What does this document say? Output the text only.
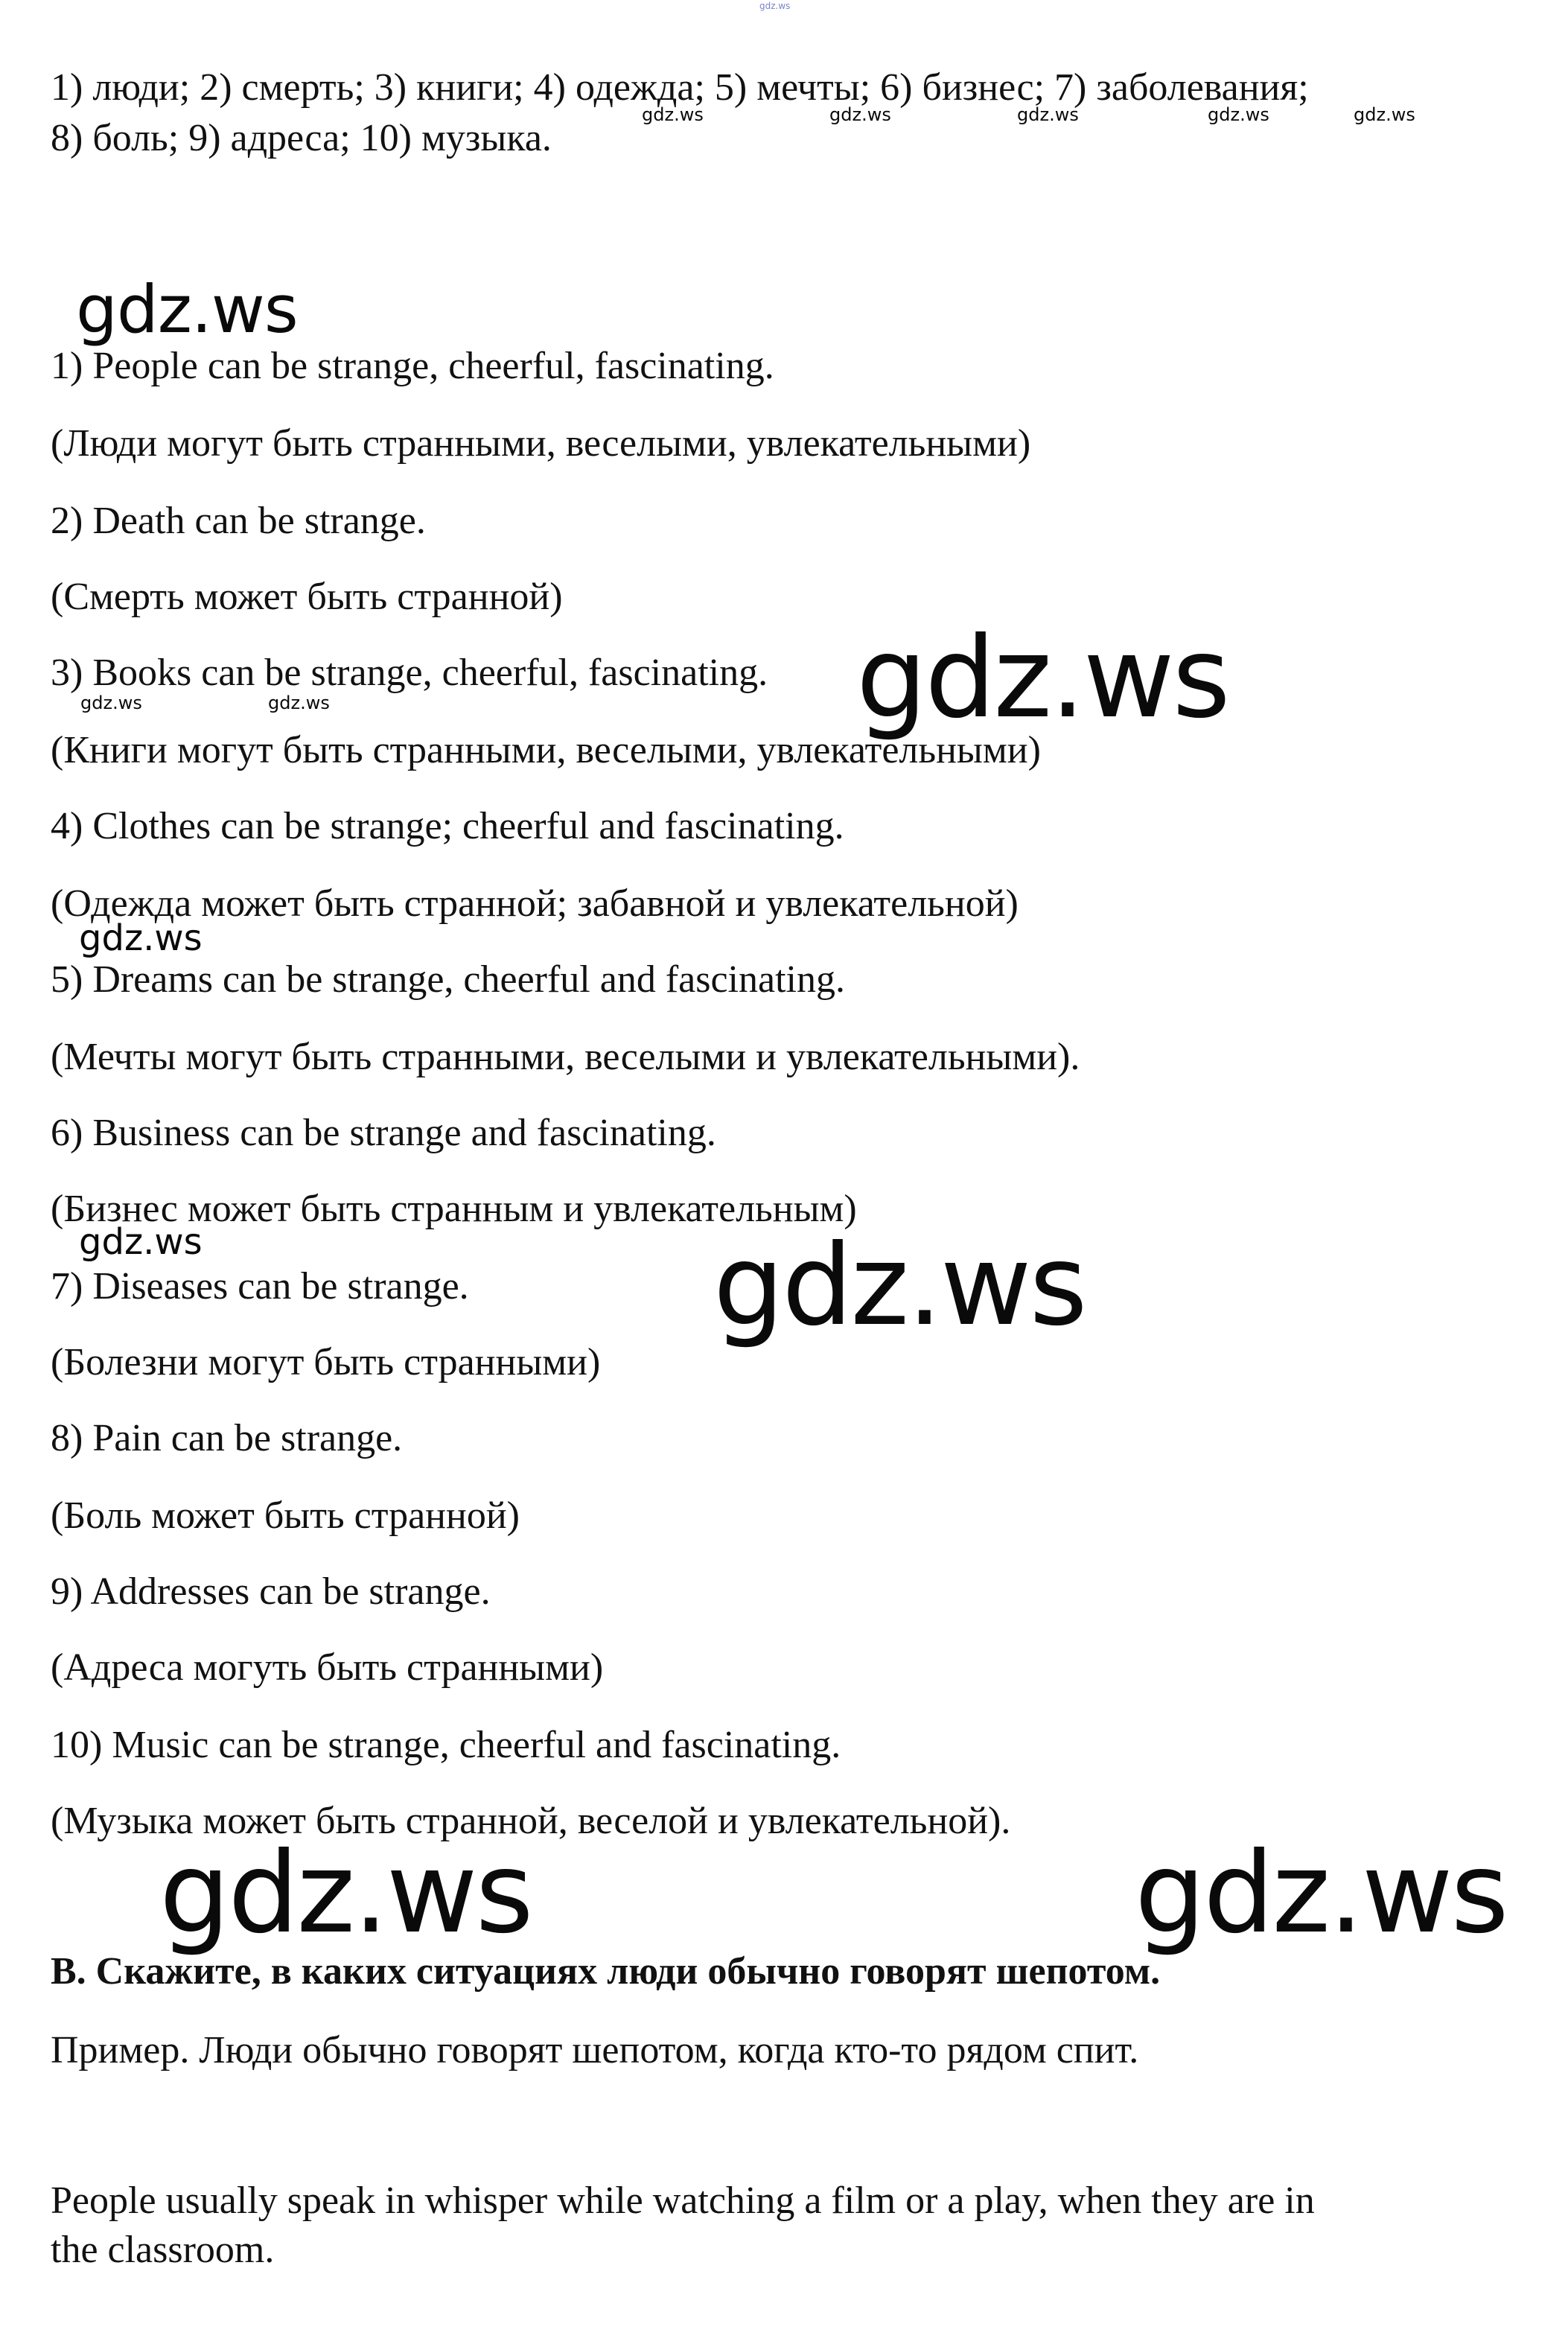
1) люди; 2) смерть; 3) книги; 4) одежда; 5) мечты; 6) бизнес; 7) заболевания;

8) боль; 9) адреса; 10) музыка.

1) People can be strange, cheerful, fascinating.

(Люди могут быть странными, веселыми, увлекательными)

2) Death can be strange.

(Смерть может быть странной)

3) Books can be strange, cheerful, fascinating.

(Книги могут быть странными, веселыми, увлекательными)

4) Clothes can be strange; cheerful and fascinating.

(Одежда может быть странной; забавной и увлекательной)

5) Dreams can be strange, cheerful and fascinating.

(Мечты могут быть странными, веселыми и увлекательными).

6) Business can be strange and fascinating.

(Бизнес может быть странным и увлекательным)

7) Diseases can be strange.

(Болезни могут быть странными)

8) Pain can be strange.

(Боль может быть странной)

9) Addresses can be strange.

(Адреса могуть быть странными)

10) Music can be strange, cheerful and fascinating.

(Музыка может быть странной, веселой и увлекательной).

B. Скажите, в каких ситуациях люди обычно говорят шепотом.

Пример. Люди обычно говорят шепотом, когда кто-то рядом спит.

People usually speak in whisper while watching a film or a play, when they are in

the classroom.

gdz.ws
gdz.ws	gdz.ws	gdz.ws	gdz.ws	gdz.ws
gdz.ws
gdz.ws
gdz.ws	gdz.ws
gdz.ws
gdz.ws	gdz.ws
gdz.ws	gdz.ws
